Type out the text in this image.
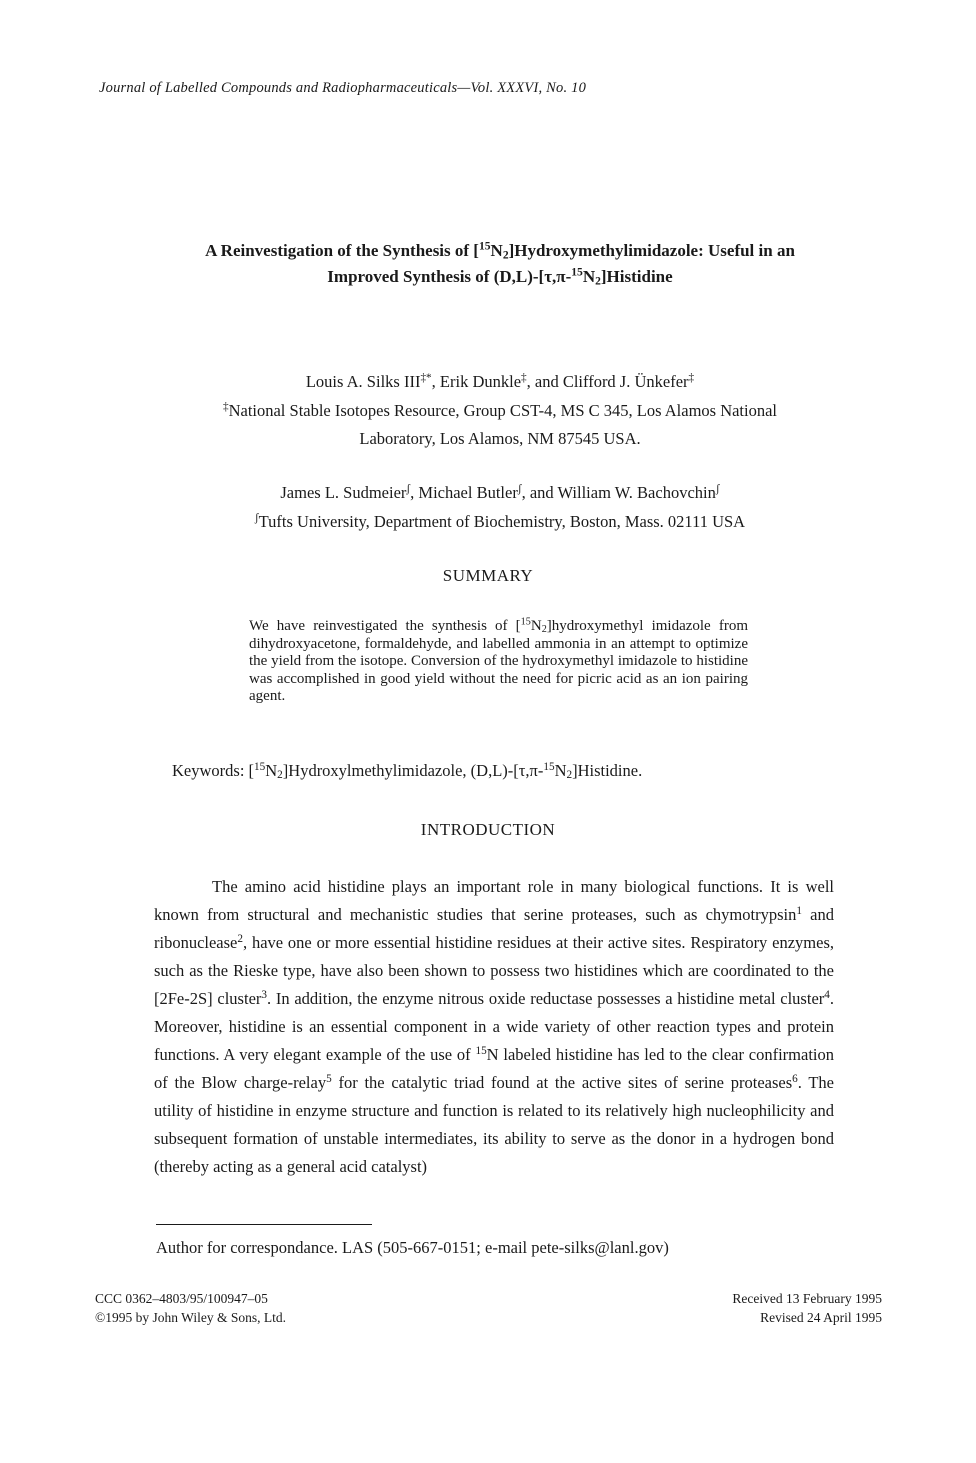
Journal of Labelled Compounds and Radiopharmaceuticals—Vol. XXXVI, No. 10
A Reinvestigation of the Synthesis of $[^{15}N_2]Hydroxymethylimidazole$: Useful in an
Improved Synthesis of $(D,L)-[\tau,\pi-^{15}N_2]Histidine$
Louis A. Silks III‡*, Erik Dunkle‡, and Clifford J. Ünkefer‡
‡National Stable Isotopes Resource, Group CST-4, MS C 345, Los Alamos National
Laboratory, Los Alamos, NM 87545 USA.
James L. Sudmeier$^ʃ$, Michael Butler$^ʃ$, and William W. Bachovchin$^ʃ$
$^ʃ$Tufts University, Department of Biochemistry, Boston, Mass. 02111 USA
SUMMARY
We have reinvestigated the synthesis of $[^{15}N_2]hydroxymethyl$ imidazole from dihydroxyacetone, formaldehyde, and labelled ammonia in an attempt to optimize the yield from the isotope. Conversion of the hydroxymethyl imidazole to histidine was accomplished in good yield without the need for picric acid as an ion pairing agent.
Keywords: $[^{15}N_2]Hydroxylmethylimidazole$, $(D,L)-[\tau,\pi-^{15}N_2]Histidine$.
INTRODUCTION

The amino acid histidine plays an important role in many biological functions. It is well known from structural and mechanistic studies that serine proteases, such as chymotrypsin$^1$ and ribonuclease$^2$, have one or more essential histidine residues at their active sites. Respiratory enzymes, such as the Rieske type, have also been shown to possess two histidines which are coordinated to the [2Fe-2S] cluster$^3$. In addition, the enzyme nitrous oxide reductase possesses a histidine metal cluster$^4$. Moreover, histidine is an essential component in a wide variety of other reaction types and protein functions. A very elegant example of the use of $^{15}$N labeled histidine has led to the clear confirmation of the Blow charge-relay$^5$ for the catalytic triad found at the active sites of serine proteases$^6$. The utility of histidine in enzyme structure and function is related to its relatively high nucleophilicity and subsequent formation of unstable intermediates, its ability to serve as the donor in a hydrogen bond (thereby acting as a general acid catalyst)

Author for correspondance. LAS (505-667-0151; e-mail pete-silks@lanl.gov)
CCC 0362–4803/95/100947–05
©1995 by John Wiley & Sons, Ltd.
Received 13 February 1995
Revised 24 April 1995
